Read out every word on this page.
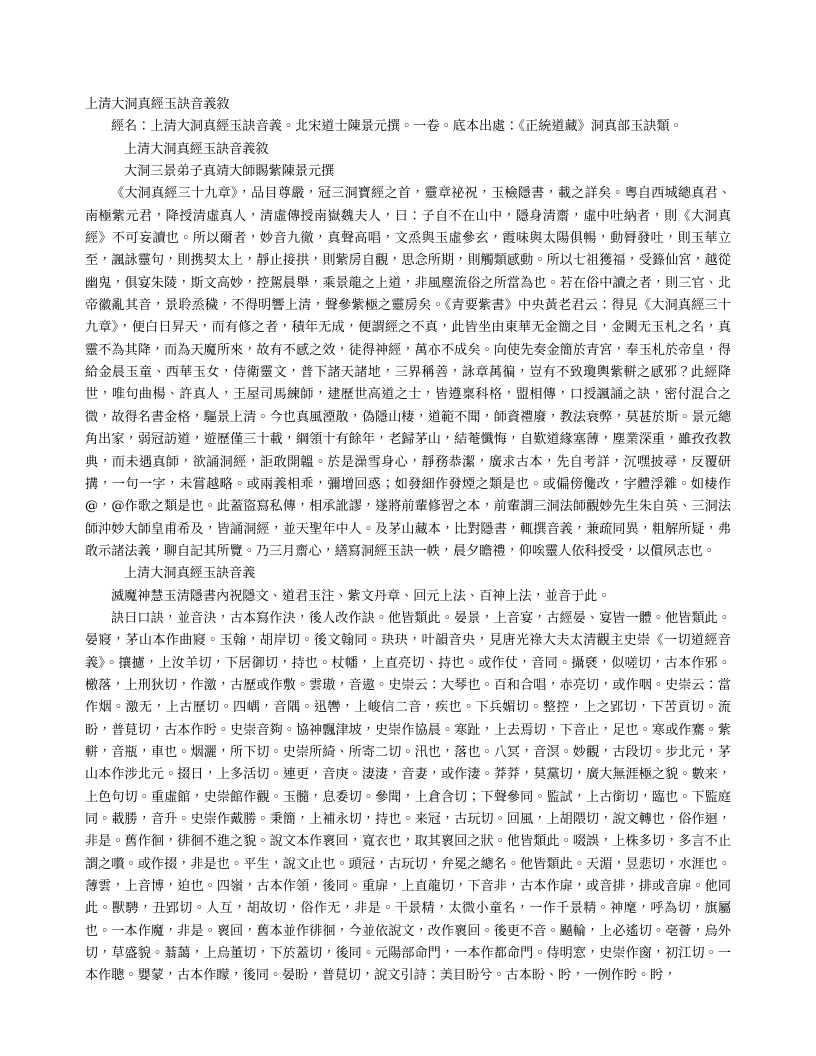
上清大洞真經玉訣音義敘

經名：上清大洞真經玉訣音義。北宋道士陳景元撰。一卷。底本出處：《正統道藏》洞真部玉訣類。

上清大洞真經玉訣音義敘

大洞三景弟子真靖大師賜紫陳景元撰

《大洞真經三十九章》，品目尊嚴，冠三洞寶經之首，靈章祕祝，玉檢隱書，載之詳矣。粵自西城總真君、南極紫元君，降授清虛真人，清虛傳授南嶽魏夫人，曰：子自不在山中，隱身清齋，虛中吐納者，則《大洞真經》不可妄讀也。所以爾者，妙音九徹，真聲高唱，文烝與玉虛參玄，霞味與太陽俱暢，動脣發吐，則玉華立至，諷詠靈句，則携契太上，靜止接拱，則紫房自觀，思念所期，則觸類感動。所以七祖獲福，受籙仙宮，越從幽鬼，俱宴朱陵，斯文高妙，控駕晨舉，乘景龍之上道，非風塵流俗之所當為也。若在俗中讀之者，則三官、北帝徽亂其音，景聆烝穢，不得明響上清，聲參紫極之靈房矣。《青要紫書》中央黃老君云：得見《大洞真經三十九章》，便白日昇天，而有修之者，積年无成，便謂經之不真，此皆坐由東華无金簡之目，金闕无玉札之名，真靈不為其降，而為天魔所來，故有不感之效，徒得神經，萬亦不成矣。向使先奏金簡於青宮，奉玉札於帝皇，得給金晨玉童、西華玉女，侍衛靈文，普下諸天諸地，三界稱善，詠章萬徧，豈有不致瓊輿紫軿之感邪？此經降世，唯句曲楊、許真人，王屋司馬練師，逮歷世高道之士，皆遵稟科格，盟相傳，口授諷誦之訣，密付混合之微，故得名書金格，驅景上清。今也真風湮散，偽隱山棲，道範不聞，師資禮廢，教法衰弊，莫甚於斯。景元總角出家，弱冠訪道，遊歷僅三十載，綱領十有餘年，老歸茅山，結菴懺悔，自歎道緣塞薄，塵業深重，雖孜孜教典，而未遇真師，欲誦洞經，詎敢開韞。於是澡雪身心，靜務恭潔，廣求古本，先自考詳，沉嘿披尋，反覆研搆，一句一字，未嘗越略。或兩義相乖，彌增回惑；如發細作發煙之類是也。或偏傍儳改，字體浮雜。如棲作@，@作歌之類是也。此蓋盜寫私傳，相承訛謬，遂將前輩修習之本，前輩謂三洞法師觀妙先生朱自英、三洞法師沖妙大師皇甫希及，皆誦洞經，並天聖年中人。及茅山藏本，比對隱書，輒撰音義，兼疏同異，粗解所疑，弗敢示諸法義，聊自記其所覽。乃三月齋心，繕寫洞經玉訣一帙，晨夕瞻禮，仰唉靈人依科授受，以償夙志也。

上清大洞真經玉訣音義

滅魔神慧玉清隱書內祝隱文、道君玉注、紫文丹章、回元上法、百神上法，並音于此。

訣曰口訣，並音決，古本寫作決，後人改作訣。他皆類此。晏景，上音宴，古經晏、宴皆一體。他皆類此。晏寢，茅山本作曲寢。玉翰，胡岸切。後文翰同。玦玦，叶韻音央，見唐光祿大夫太清觀主史崇《一切道經音義》。攘攄，上汝羊切，下居御切，持也。杖幡，上直亮切、持也。或作仗，音同。攝褎，似嗟切，古本作邪。檄落，上刑狄切，作激，古歷或作敷。雲璈，音遨。史崇云：大琴也。百和合唱，赤亮切，或作咽。史崇云：當作烟。激无，上古歷切。四嵎，音隅。迅轡，上峻信二音，疾也。下兵媚切。整控，上之郢切，下苦貢切。流盼，普莧切，古本作盻。史崇音夠。協神飄津坡，史崇作協晨。寒趾，上去焉切，下音止，足也。寒或作騫。紫軿，音瓶，車也。烟灑，所下切。史崇所綺、所寄二切。汛也，落也。八冥，音溟。妙觀，古段切。步北元，茅山本作涉北元。掇日，上多活切。連更，音庚。淒淒，音妻，或作淒。莽莽，莫黨切，廣大無涯極之貌。數来，上色句切。重虛館，史崇館作觀。玉髓，息委切。參聞，上倉含切；下聲參同。監試，上古銜切，臨也。下監庭同。載勝，音升。史崇作戴勝。秉簡，上補永切，持也。来冠，古玩切。回風，上胡隈切，說文轉也，俗作迴，非是。舊作徊，徘徊不進之貌。說文本作褱回，寬衣也，取其褱回之狀。他皆類此。啜誤，上株多切，多言不止謂之嚽。或作掇，非是也。平生，說文止也。頭冠，古玩切，弁冕之總名。他皆類此。天湄，昱悲切，水涯也。薄雲，上音博，迫也。四嶺，古本作領，後同。重扉，上直龍切，下音非，古本作扉，或音排，排或音扉。他同此。獸騁，丑郢切。人互，胡故切，俗作无，非是。干景精，太微小童名，一作千景精。神麾，呼為切，旗屬也。一本作魔，非是。褱回，舊本並作徘徊，今並依說文，改作褱回。後更不音。飇輪，上必遙切。亳薈，烏外切，草盛貌。蓊藹，上烏董切，下於蓋切，後同。元陽部命門，一本作都命門。侍明窓，史崇作窗，初江切。一本作聰。嬰蒙，古本作矇，後同。晏盼，普莧切，說文引詩：美目盼兮。古本盼、盻，一例作盻。盻，
